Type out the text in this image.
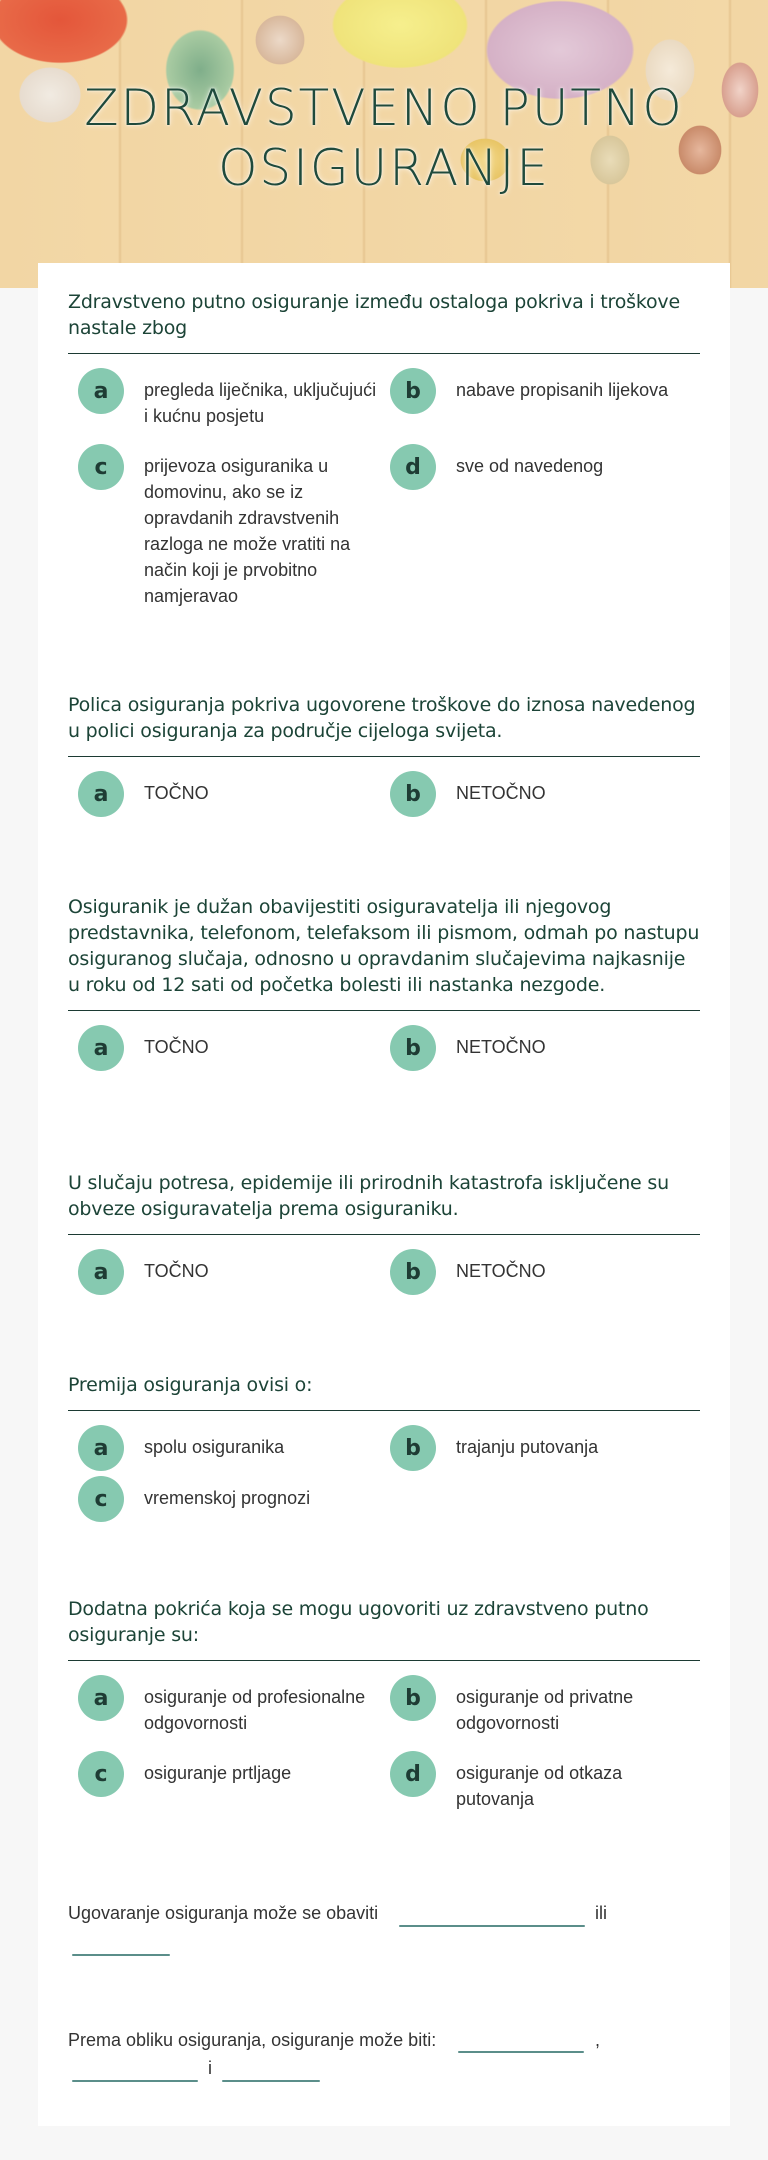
ZDRAVSTVENO PUTNO
OSIGURANJE
Zdravstveno putno osiguranje između ostaloga pokriva i troškove nastale zbog
a	pregleda liječnika, uključujući i kućnu posjetu
b	nabave propisanih lijekova
c	prijevoza osiguranika u domovinu, ako se iz opravdanih zdravstvenih razloga ne može vratiti na način koji je prvobitno namjeravao
d	sve od navedenog
Polica osiguranja pokriva ugovorene troškove do iznosa navedenog u polici osiguranja za područje cijeloga svijeta.
a	TOČNO	b	NETOČNO
Osiguranik je dužan obavijestiti osiguravatelja ili njegovog predstavnika, telefonom, telefaksom ili pismom, odmah po nastupu osiguranog slučaja, odnosno u opravdanim slučajevima najkasnije u roku od 12 sati od početka bolesti ili nastanka nezgode.
a	TOČNO	b	NETOČNO
U slučaju potresa, epidemije ili prirodnih katastrofa isključene su obveze osiguravatelja prema osiguraniku.
a	TOČNO	b	NETOČNO
Premija osiguranja ovisi o:
a	spolu osiguranika	b	trajanju putovanja
c	vremenskoj prognozi
Dodatna pokrića koja se mogu ugovoriti uz zdravstveno putno osiguranje su:
a	osiguranje od profesionalne odgovornosti
b	osiguranje od privatne odgovornosti
c	osiguranje prtljage	d	osiguranje od otkaza putovanja
Ugovaranje osiguranja može se obaviti	ili
Prema obliku osiguranja, osiguranje može biti:	,
i
